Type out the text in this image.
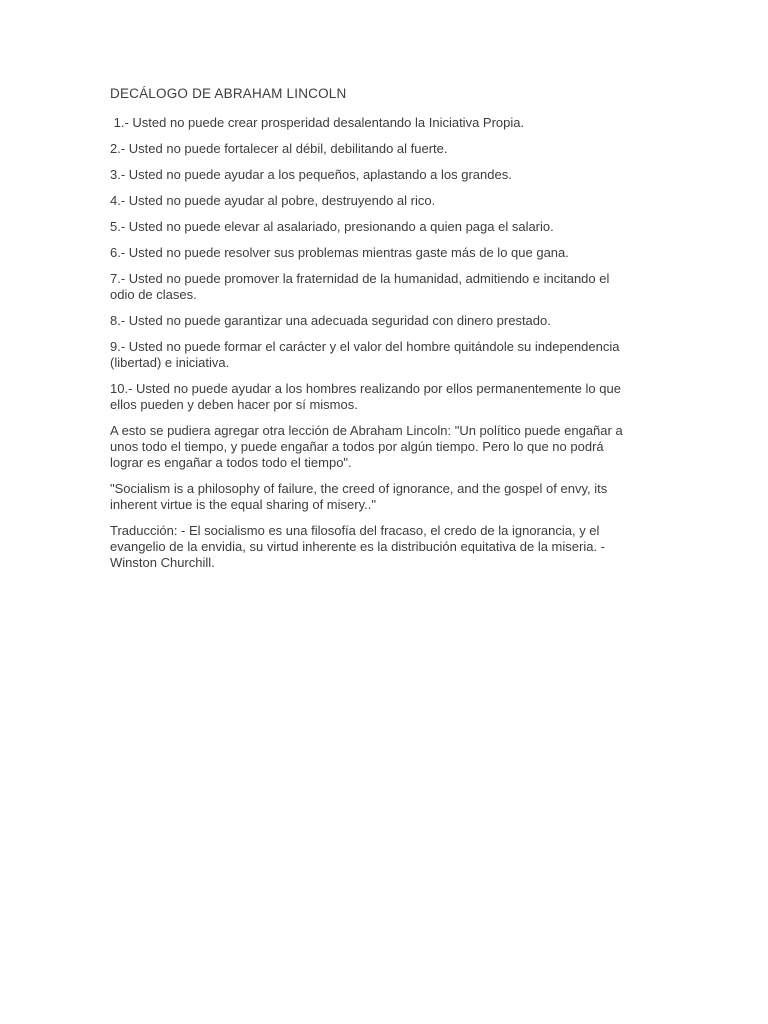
DECÁLOGO DE ABRAHAM LINCOLN

1.- Usted no puede crear prosperidad desalentando la Iniciativa Propia.

2.- Usted no puede fortalecer al débil, debilitando al fuerte.

3.- Usted no puede ayudar a los pequeños, aplastando a los grandes.

4.- Usted no puede ayudar al pobre, destruyendo al rico.

5.- Usted no puede elevar al asalariado, presionando a quien paga el salario.

6.- Usted no puede resolver sus problemas mientras gaste más de lo que gana.

7.- Usted no puede promover la fraternidad de la humanidad, admitiendo e incitando el
odio de clases.

8.- Usted no puede garantizar una adecuada seguridad con dinero prestado.

9.- Usted no puede formar el carácter y el valor del hombre quitándole su independencia
(libertad) e iniciativa.

10.- Usted no puede ayudar a los hombres realizando por ellos permanentemente lo que
ellos pueden y deben hacer por sí mismos.

A esto se pudiera agregar otra lección de Abraham Lincoln: "Un político puede engañar a
unos todo el tiempo, y puede engañar a todos por algún tiempo. Pero lo que no podrá
lograr es engañar a todos todo el tiempo".

"Socialism is a philosophy of failure, the creed of ignorance, and the gospel of envy, its
inherent virtue is the equal sharing of misery.."

Traducción: - El socialismo es una filosofía del fracaso, el credo de la ignorancia, y el
evangelio de la envidia, su virtud inherente es la distribución equitativa de la miseria. -
Winston Churchill.
